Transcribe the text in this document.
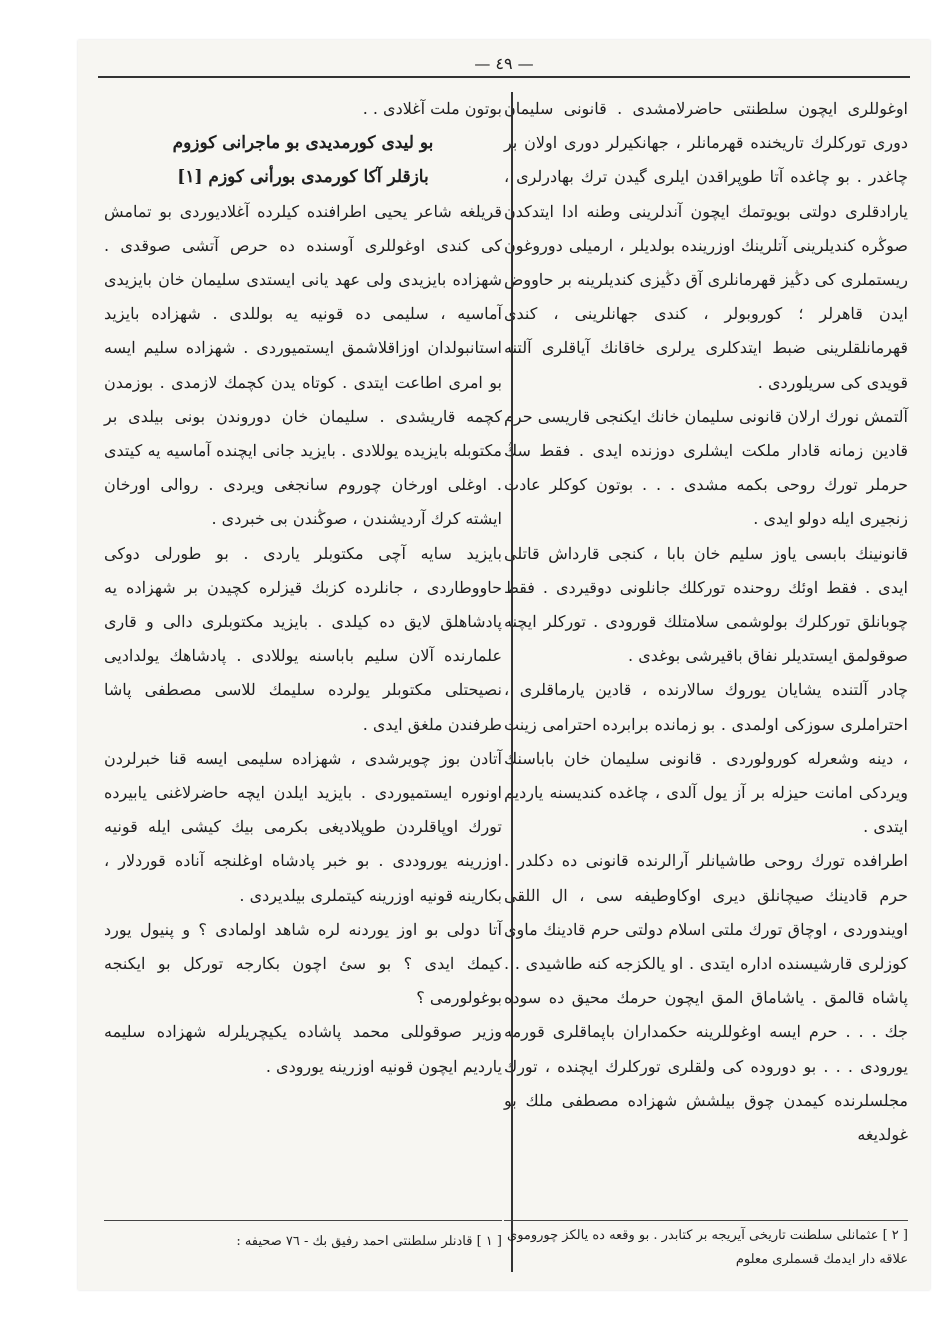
— ٤٩ —

اوغوللرى ايچون سلطنتى حاضرلامشدى . قانونى سليمان دورى توركلرك تاريخنده قهرمانلر ، جهانكيرلر دورى اولان بر چاغدر . بو چاغده آتا طوپراقدن ايلرى گيدن ترك بهادرلرى ، يارادقلرى دولتى بويوتمك ايچون آندلرينى وطنه ادا ايتدكدن صوڭره كنديلرينى آتلرينك اوزرينده بولديلر ، ارميلى دوروغون ريستملرى كى دڭيز قهرمانلرى آق دڭيزى كنديلرينه بر حاووض ايدن قاهرلر ؛ كوروبولر ، كندى جهانلرينى ، كندى قهرمانلقلرينى ضبط ايتدكلرى يرلرى خاقانك آياقلرى آلتنه قويدى كى سريلوردى .

آلتمش نورك ارلان قانونى سليمان خانك ايكنجى قاريسى حرم قادين زمانه قادار ملكت ايشلرى دوزنده ايدى . فقط سڭ حرملر تورك روحى بكمه مشدى . . . بوتون كوكلر عادت زنجيرى ايله دولو ايدى .

قانونينك بابسى ياوز سليم خان بابا ، كنجى قارداش قاتلى ايدى . فقط اوئك روحنده توركلك جانلونى دوقيردى . فقط چوبانلق توركلرك بولوشمى سلامتلك قورودى . توركلر ايچنه صوقولمق ايستديلر نفاق باقيرشى بوغدى .

چادر آلتنده يشايان يوروك سالارنده ، قادين يارماقلرى ، احتراملرى سوزكى اولمدى . بو زمانده برابرده احترامى زينت ، دينه وشعرله كورولوردى . قانونى سليمان خان باباسنك ويردكى امانت حيزله بر آز يول آلدى ، چاغده كنديسنه يارديم ايتدى .

اطرافده تورك روحى طاشيانلر آرالرنده قانونى ده دكلدر . حرم قادينك صيچانلق ديرى اوكاوطيفه سى ، ال اللقى اويندوردى ، اوچاق تورك ملتى اسلام دولتى حرم قادينك ماوى كوزلرى قارشيسنده اداره ايتدى . او يالكزجه كنه طاشيدى . . پاشاه قالمق . ياشاماق المق ايچون حرمك محيق ده سوده جك . . . حرم ايسه اوغوللرينه حكمداران باپماقلرى قورمه يورودى . . . بو دوروده كى ولقلرى توركلرك ايچنده ، تورك مجلسلرنده كيمدن چوق بيلشش شهزاده مصطفى ملك بو غولديغه

بوتون ملت آغلادى . .

بو ليدى كورمديدى بو ماجرانى كوزوم

بازقلر آكا كورمدى بورأنى كوزم [١]

قريلغه شاعر يحيى اطرافنده كيلرده آغلاديوردى بو تمامش كى كندى اوغوللرى آوسنده ده حرص آتشى صوقدى . شهزاده بايزيدى ولى عهد يانى ايستدى سليمان خان بايزيدى آماسيه ، سليمى ده قونيه يه بوللدى . شهزاده بايزيد استانبولدان اوزاقلاشمق ايستميوردى . شهزاده سليم ايسه بو امرى اطاعت ايتدى . كوتاه يدن كچمك لازمدى . بوزمدن كچمه قاريشدى . سليمان خان دوروندن بونى بيلدى بر مكتوبله بايزيده يوللادى . بايزيد جانى ايچنده آماسيه يه كيتدى . اوغلى اورخان چوروم سانجغى ويردى . روالى اورخان ايشته كرك آرديشندن ، صوڭندن بى خبردى .

بايزيد سايه آچى مكتوبلر ياردى . بو طورلى دوكى حاووطاردى ، جانلرده كزبك قيزلره كچيدن بر شهزاده يه پادشاهلق لايق ده كيلدى . بايزيد مكتوبلرى دالى و قارى علمارنده آلان سليم باباسنه يوللادى . پادشاهك يولداديى نصيحتلى مكتوبلر يولرده سليمك للاسى مصطفى پاشا طرفندن ملغق ايدى .

آتادن بوز چويرشدى ، شهزاده سليمى ايسه قنا خبرلردن اونوره ايستميوردى . بايزيد ايلدن ايچه حاضرلاغنى يابيرده تورك اوپاقلردن طوپلاديغى بكرمى بيك كيشى ايله قونيه اوزرينه يوروددى . بو خبر پادشاه اوغلنجه آناده قوردلار ، بكارينه قونيه اوزرينه كيتملرى بيلديردى .

آتا دولى بو اوز يوردنه لره شاهد اولمادى ؟ و پنيول يورد كيمك ايدى ؟ بو سئ اچون بكارجه توركل بو ايكنجه بوغولورمى ؟

وزير صوقوللى محمد پاشاده يكيچريلرله شهزاده سليمه يارديم ايچون قونيه اوزرينه يورودى .

[ ٢ ] عثمانلى سلطنت تاريخى آيريجه بر كتابدر . بو وقعه ده يالكز چوروموى علاقه دار ايدمك قسملرى معلوم
[ ١ ] قادنلر سلطنتى احمد رفيق بك - ٧٦ صحيفه :
